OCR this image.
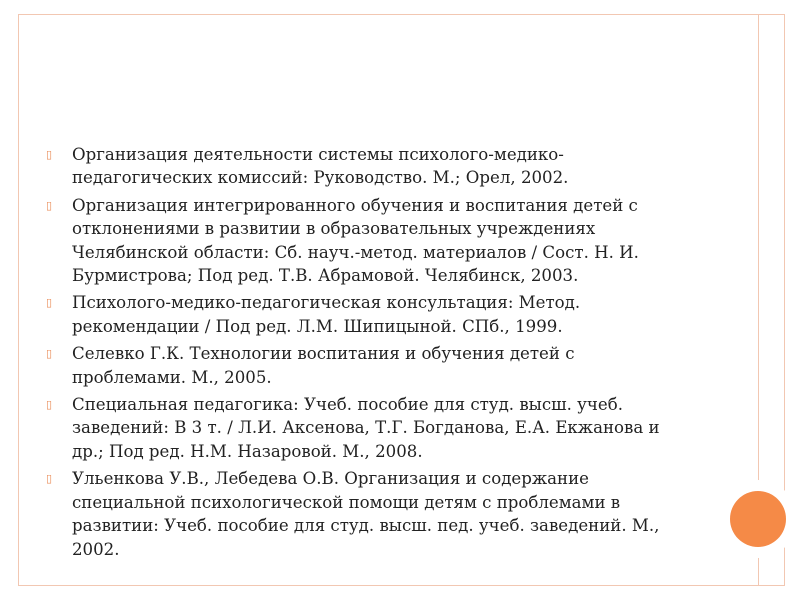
▯ Организация деятельности системы психолого-медико-педагогических комиссий: Руководство. М.; Орел, 2002.
▯ Организация интегрированного обучения и воспитания детей с отклонениями в развитии в образовательных учреждениях Челябинской области: Сб. науч.-метод. материалов / Сост. Н. И. Бурмистрова; Под ред. Т.В. Абрамовой. Челябинск, 2003.
▯ Психолого-медико-педагогическая консультация: Метод. рекомендации / Под ред. Л.М. Шипицыной. СПб., 1999.
▯ Селевко Г.К. Технологии воспитания и обучения детей с проблемами. М., 2005.
▯ Специальная педагогика: Учеб. пособие для студ. высш. учеб. заведений: В 3 т. / Л.И. Аксенова, Т.Г. Богданова, Е.А. Екжанова и др.; Под ред. Н.М. Назаровой. М., 2008.
▯ Ульенкова У.В., Лебедева О.В. Организация и содержание специальной психологической помощи детям с проблемами в развитии: Учеб. пособие для студ. высш. пед. учеб. заведений. М., 2002.
